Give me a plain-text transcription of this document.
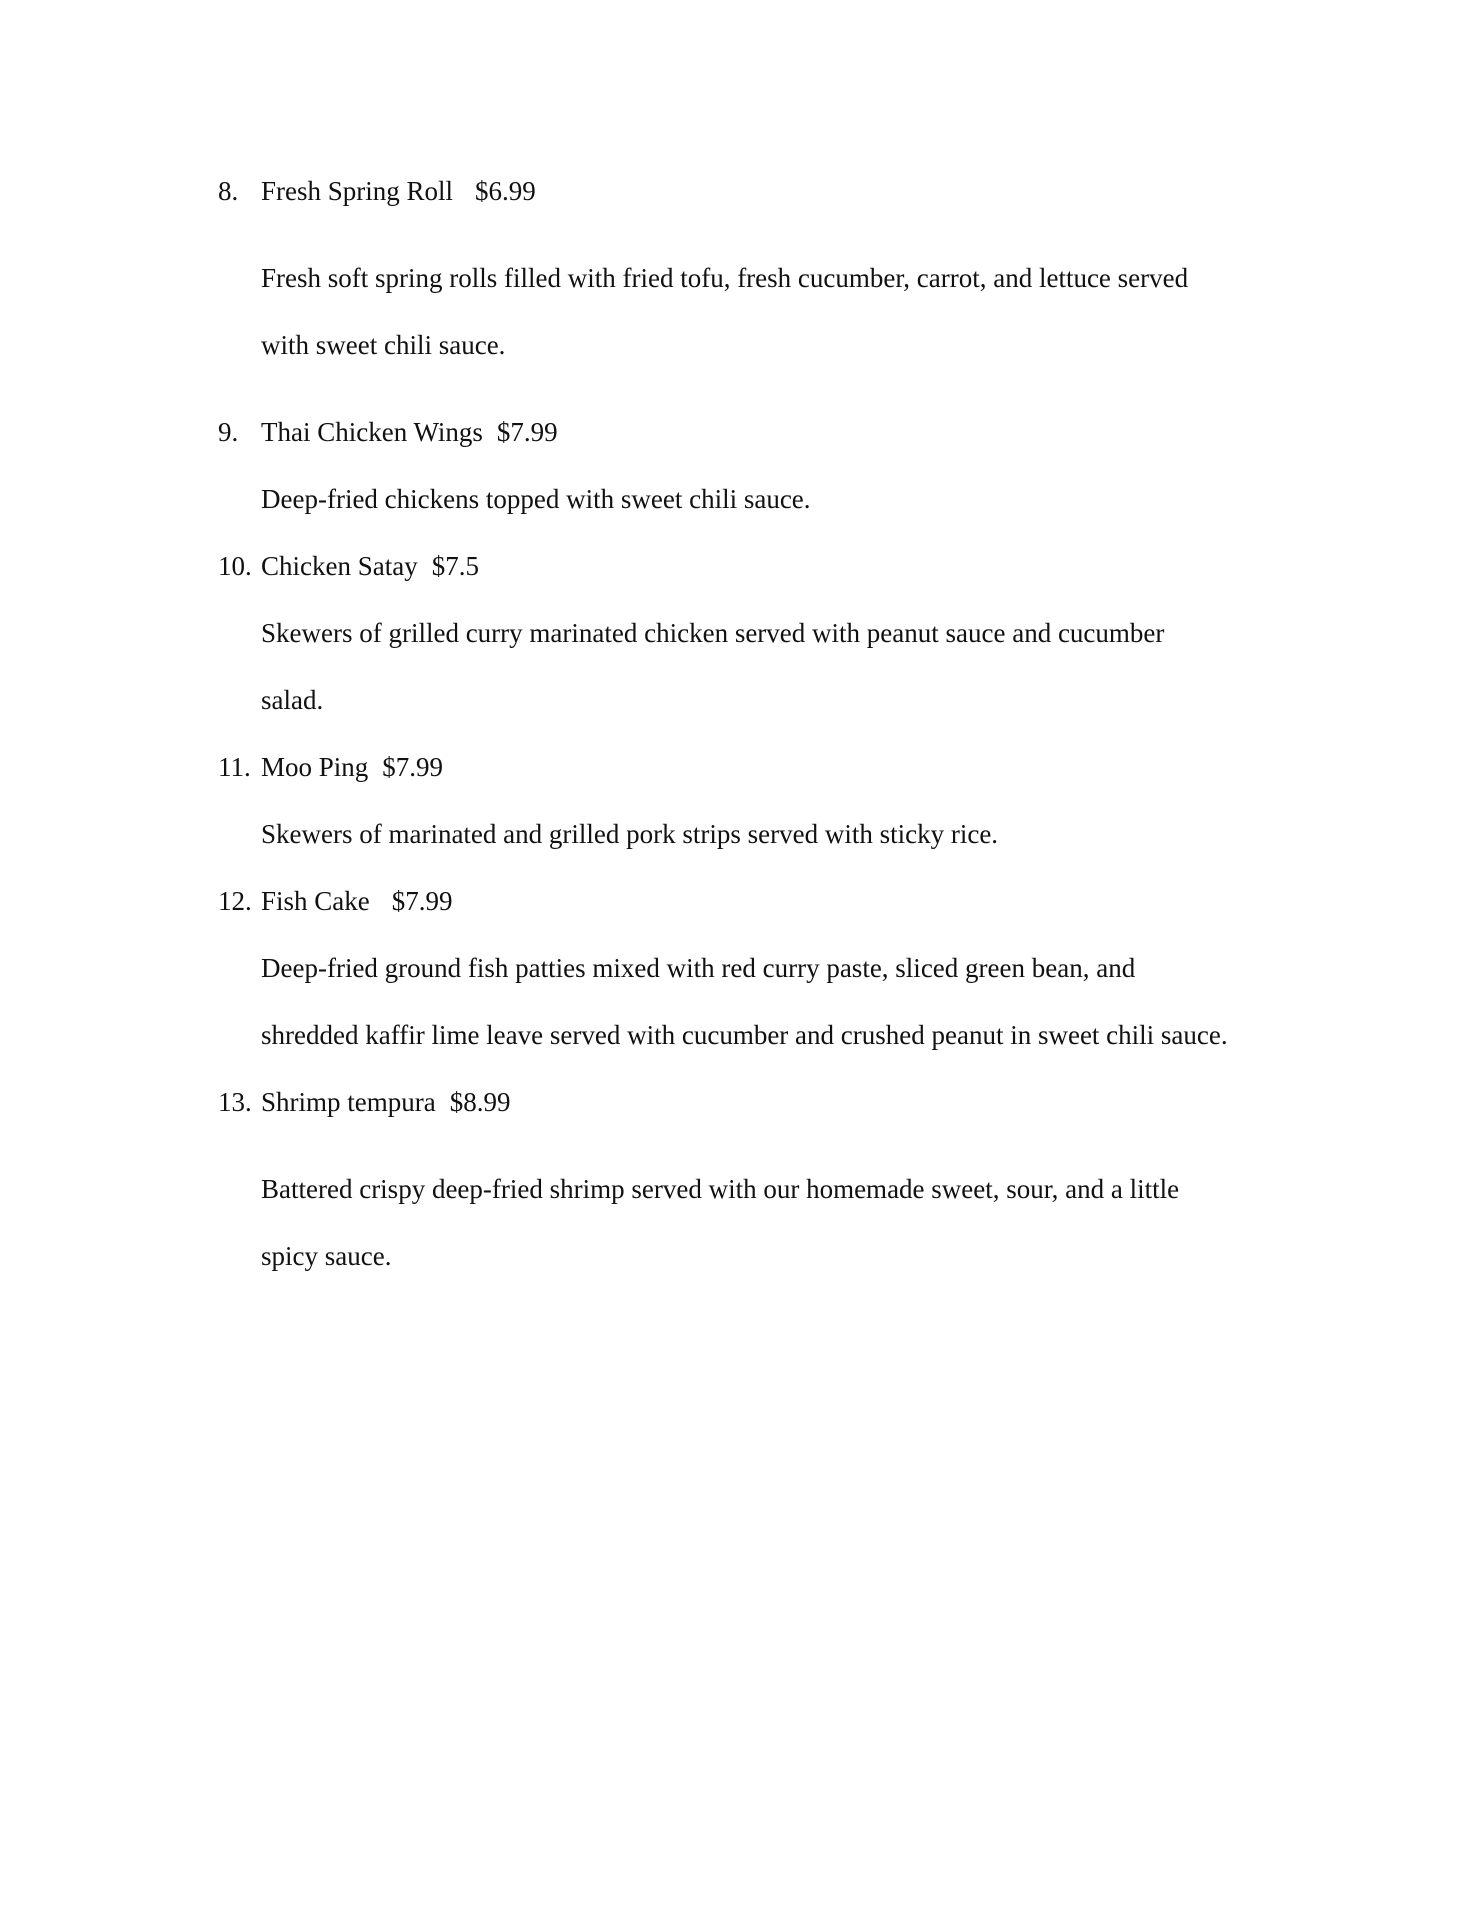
8. Fresh Spring Roll $6.99
Fresh soft spring rolls filled with fried tofu, fresh cucumber, carrot, and lettuce served
with sweet chili sauce.
9. Thai Chicken Wings $7.99
Deep-fried chickens topped with sweet chili sauce.
10. Chicken Satay $7.5
Skewers of grilled curry marinated chicken served with peanut sauce and cucumber
salad.
11. Moo Ping $7.99
Skewers of marinated and grilled pork strips served with sticky rice.
12. Fish Cake $7.99
Deep-fried ground fish patties mixed with red curry paste, sliced green bean, and
shredded kaffir lime leave served with cucumber and crushed peanut in sweet chili sauce.
13. Shrimp tempura $8.99
Battered crispy deep-fried shrimp served with our homemade sweet, sour, and a little
spicy sauce.
